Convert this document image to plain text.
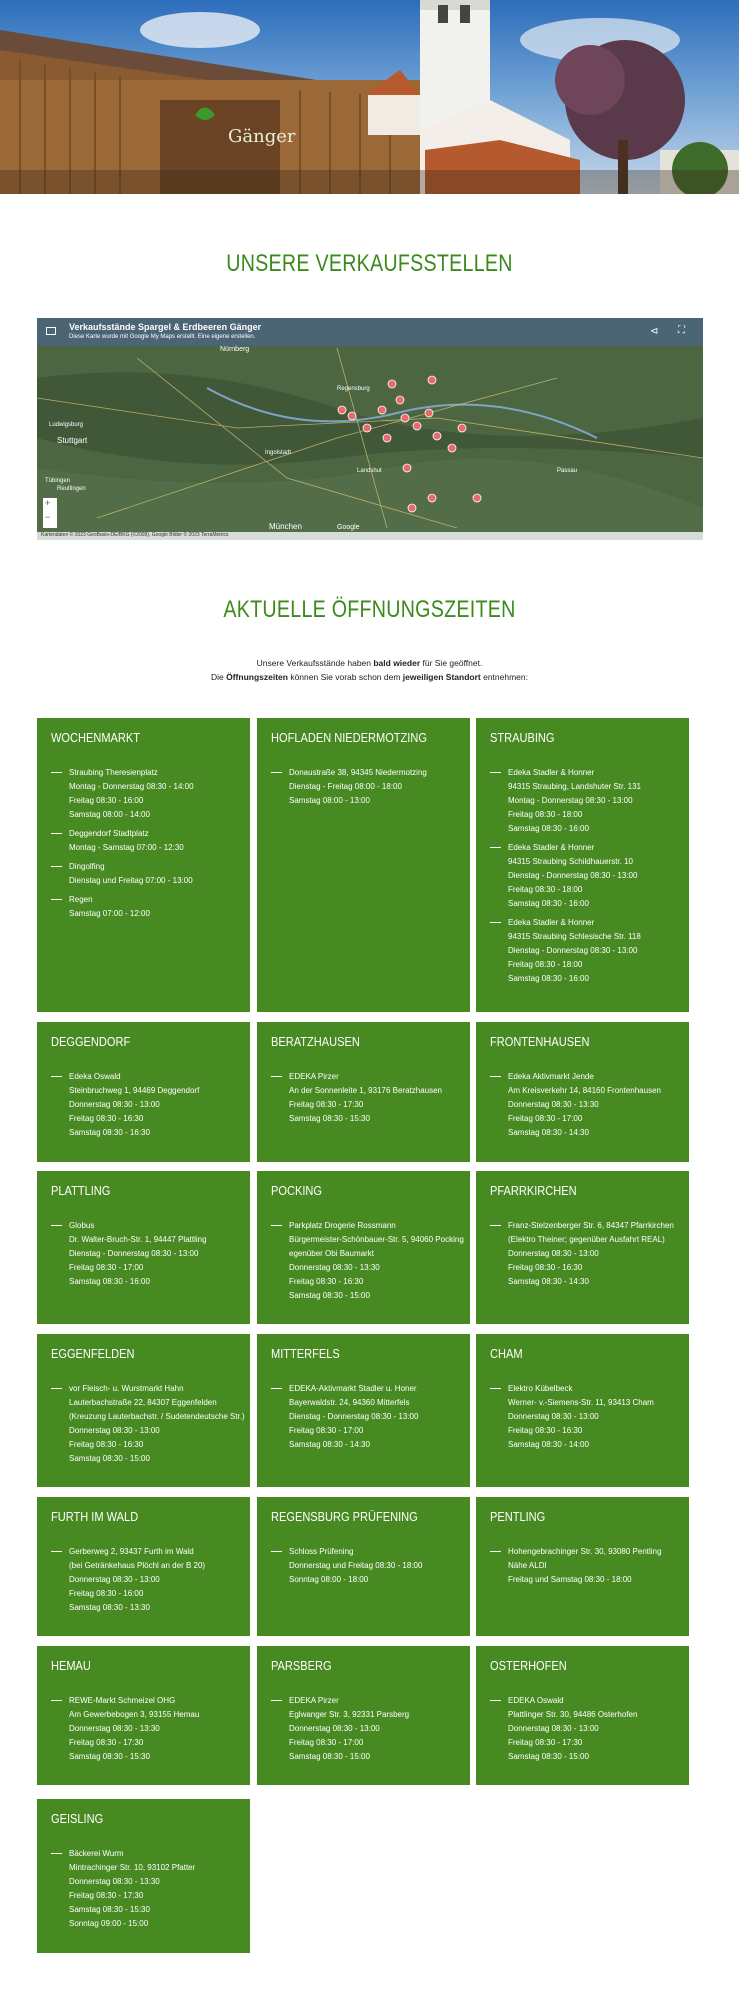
Gänger
UNSERE VERKAUFSSTELLEN
Verkaufsstände Spargel & Erdbeeren Gänger
Diese Karte wurde mit Google My Maps erstellt. Eine eigene erstellen.	⊲ ⛶
Nürnberg
Stuttgart
Ludwigsburg
Reutlingen
Tübingen
Ingolstadt
München
Landshut
Regensburg
Passau
+
−
Google
Kartendaten © 2023 GeoBasis-DE/BKG (©2009), Google Bilder © 2023 TerraMetrics
AKTUELLE ÖFFNUNGSZEITEN
Unsere Verkaufsstände haben bald wieder für Sie geöffnet.
Die Öffnungszeiten können Sie vorab schon dem jeweiligen Standort entnehmen:
WOCHENMARKT
Straubing Theresienplatz
Montag - Donnerstag 08:30 - 14:00
Freitag 08:30 - 16:00
Samstag 08:00 - 14:00
Deggendorf Stadtplatz
Montag - Samstag 07:00 - 12:30
Dingolfing
Dienstag und Freitag 07:00 - 13:00
Regen
Samstag 07:00 - 12:00
HOFLADEN NIEDERMOTZING
Donaustraße 38, 94345 Niedermotzing
Dienstag - Freitag 08:00 - 18:00
Samstag 08:00 - 13:00
STRAUBING
Edeka Stadler & Honner
94315 Straubing, Landshuter Str. 131
Montag - Donnerstag 08:30 - 13:00
Freitag 08:30 - 18:00
Samstag 08:30 - 16:00
Edeka Stadler & Honner
94315 Straubing Schildhauerstr. 10
Dienstag - Donnerstag 08:30 - 13:00
Freitag 08:30 - 18:00
Samstag 08:30 - 16:00
Edeka Stadler & Honner
94315 Straubing Schlesische Str. 118
Dienstag - Donnerstag 08:30 - 13:00
Freitag 08:30 - 18:00
Samstag 08:30 - 16:00
DEGGENDORF
Edeka Oswald
Steinbruchweg 1, 94469 Deggendorf
Donnerstag 08:30 - 13:00
Freitag 08:30 - 16:30
Samstag 08:30 - 16:30
BERATZHAUSEN
EDEKA Pirzer
An der Sonnenleite 1, 93176 Beratzhausen
Freitag 08:30 - 17:30
Samstag 08:30 - 15:30
FRONTENHAUSEN
Edeka Aktivmarkt Jende
Am Kreisverkehr 14, 84160 Frontenhausen
Donnerstag 08:30 - 13:30
Freitag 08:30 - 17:00
Samstag 08:30 - 14:30
PLATTLING
Globus
Dr. Walter-Bruch-Str. 1, 94447 Plattling
Dienstag - Donnerstag 08:30 - 13:00
Freitag 08:30 - 17:00
Samstag 08:30 - 16:00
POCKING
Parkplatz Drogerie Rossmann
Bürgermeister-Schönbauer-Str. 5, 94060 Pocking
egenüber Obi Baumarkt
Donnerstag 08:30 - 13:30
Freitag 08:30 - 16:30
Samstag 08:30 - 15:00
PFARRKIRCHEN
Franz-Stelzenberger Str. 6, 84347 Pfarrkirchen
(Elektro Theiner; gegenüber Ausfahrt REAL)
Donnerstag 08:30 - 13:00
Freitag 08:30 - 16:30
Samstag 08:30 - 14:30
EGGENFELDEN
vor Fleisch- u. Wurstmarkt Hahn
Lauterbachstraße 22, 84307 Eggenfelden
(Kreuzung Lauterbachstr. / Sudetendeutsche Str.)
Donnerstag 08:30 - 13:00
Freitag 08:30 - 16:30
Samstag 08:30 - 15:00
MITTERFELS
EDEKA-Aktivmarkt Stadler u. Honer
Bayerwaldstr. 24, 94360 Mitterfels
Dienstag - Donnerstag 08:30 - 13:00
Freitag 08:30 - 17:00
Samstag 08:30 - 14:30
CHAM
Elektro Kübelbeck
Werner- v.-Siemens-Str. 11, 93413 Cham
Donnerstag 08:30 - 13:00
Freitag 08:30 - 16:30
Samstag 08:30 - 14:00
FURTH IM WALD
Gerberweg 2, 93437 Furth im Wald
(bei Getränkehaus Plöchl an der B 20)
Donnerstag 08:30 - 13:00
Freitag 08:30 - 16:00
Samstag 08:30 - 13:30
REGENSBURG PRÜFENING
Schloss Prüfening
Donnerstag und Freitag 08:30 - 18:00
Sonntag 08:00 - 18:00
PENTLING
Hohengebrachinger Str. 30, 93080 Pentling
Nähe ALDI
Freitag und Samstag 08:30 - 18:00
HEMAU
REWE-Markt Schmeizel OHG
Am Gewerbebogen 3, 93155 Hemau
Donnerstag 08:30 - 13:30
Freitag 08:30 - 17:30
Samstag 08:30 - 15:30
PARSBERG
EDEKA Pirzer
Eglwanger Str. 3, 92331 Parsberg
Donnerstag 08:30 - 13:00
Freitag 08:30 - 17:00
Samstag 08:30 - 15:00
OSTERHOFEN
EDEKA Oswald
Plattlinger Str. 30, 94486 Osterhofen
Donnerstag 08:30 - 13:00
Freitag 08:30 - 17:30
Samstag 08:30 - 15:00
GEISLING
Bäckerei Wurm
Mintrachinger Str. 10, 93102 Pfatter
Donnerstag 08:30 - 13:30
Freitag 08:30 - 17:30
Samstag 08:30 - 15:30
Sonntag 09:00 - 15:00
